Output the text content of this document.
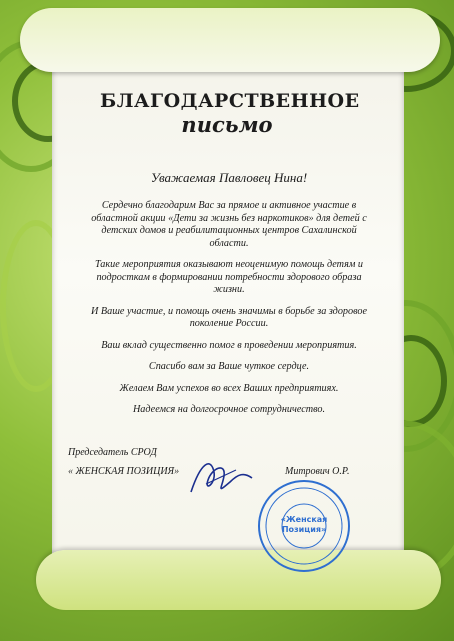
БЛАГОДАРСТВЕННОЕ
письмо

Уважаемая Павловец Нина!

Сердечно благодарим Вас за прямое и активное участие в областной акции «Дети за жизнь без наркотиков» для детей с детских домов и реабилитационных центров Сахалинской области.

Такие мероприятия оказывают неоценимую помощь детям и подросткам в формировании потребности здорового образа жизни.

И Ваше участие, и помощь очень значимы в борьбе за здоровое поколение России.

Ваш вклад существенно помог в проведении мероприятия.

Спасибо вам за Ваше чуткое сердце.

Желаем Вам успехов во всех Ваших предприятиях.

Надеемся на долгосрочное сотрудничество.

Председатель СРОД
« ЖЕНСКАЯ ПОЗИЦИЯ»	Митрович О.Р.
«Женская Позиция»
